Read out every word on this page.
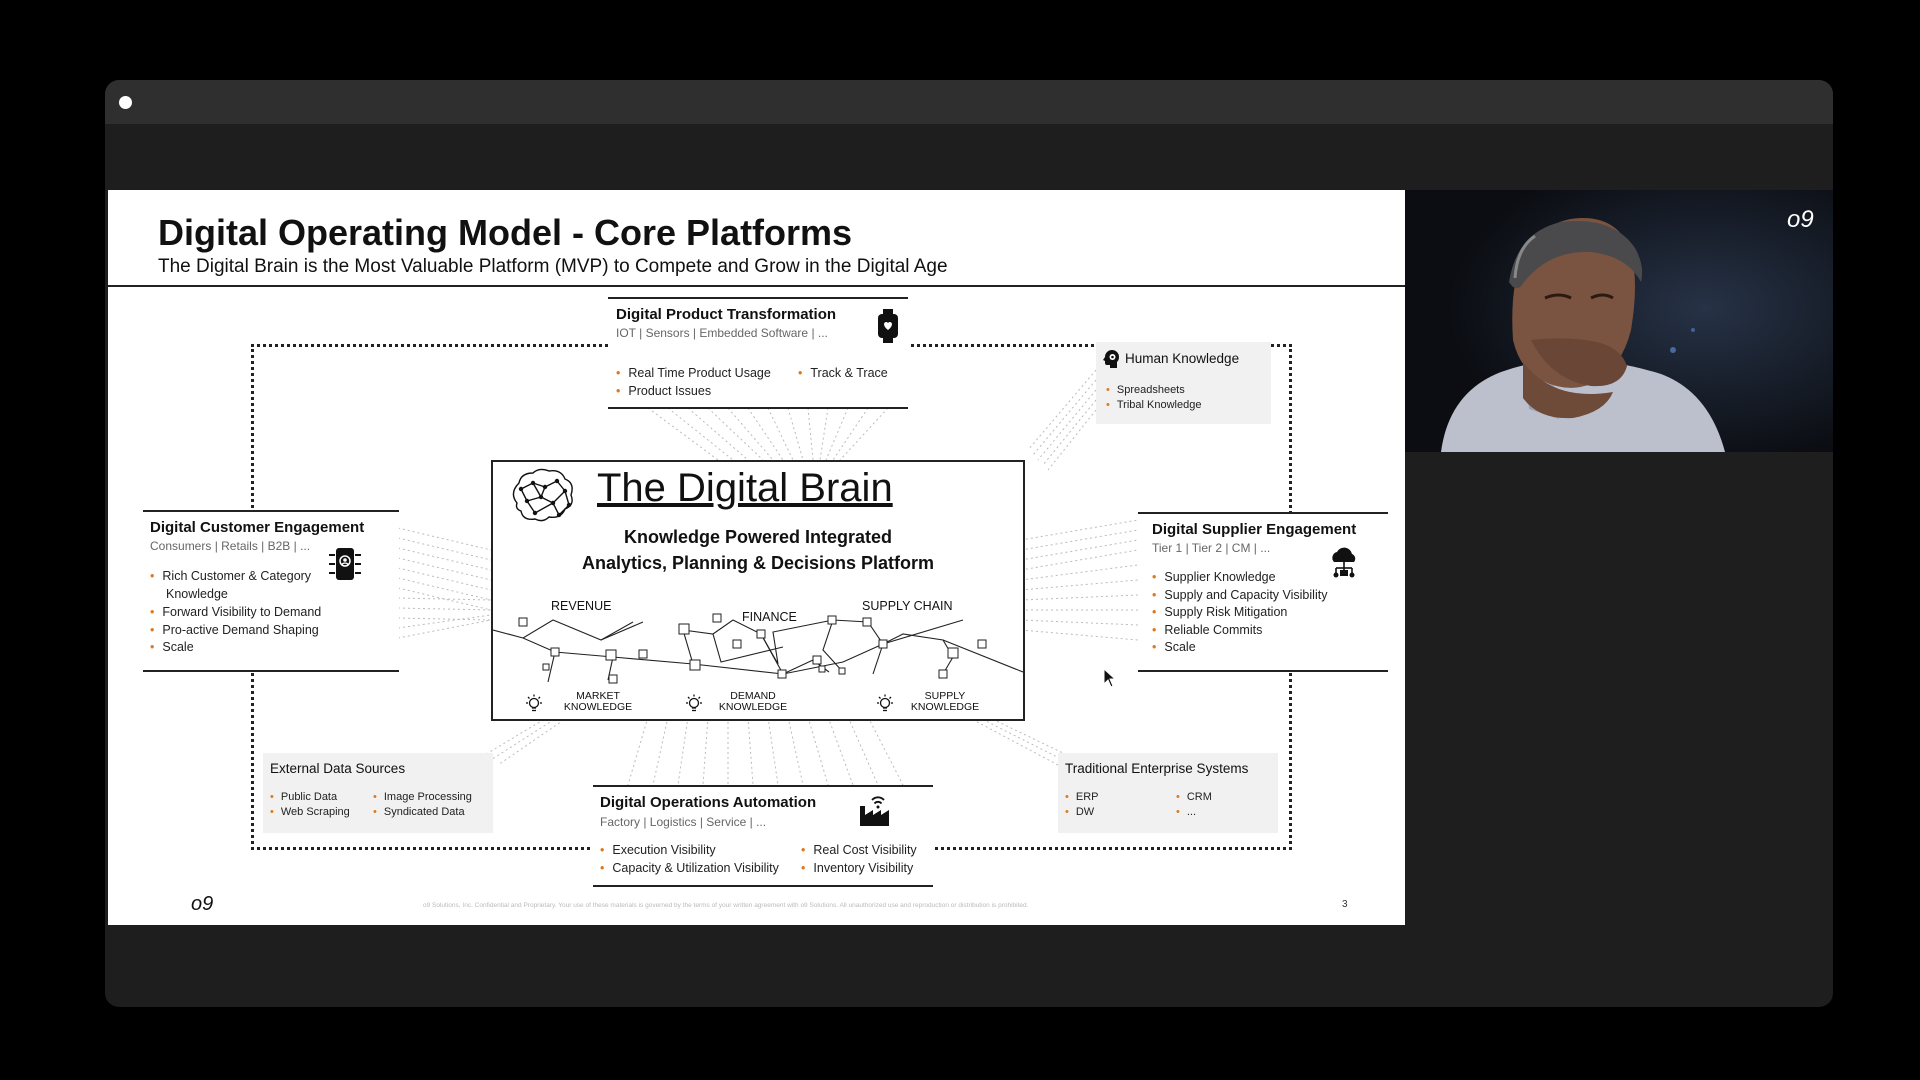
Digital Operating Model - Core Platforms
The Digital Brain is the Most Valuable Platform (MVP) to Compete and Grow in the Digital Age
Digital Product Transformation
IOT | Sensors | Embedded Software | ...
• Real Time Product Usage
•	Track & Trace
• Product Issues
Human Knowledge
• Spreadsheets
• Tribal Knowledge
Digital Customer Engagement
Consumers | Retails | B2B | ...
• Rich Customer & Category
Knowledge
• Forward Visibility to Demand
• Pro-active Demand Shaping
• Scale
Digital Supplier Engagement
Tier 1 | Tier 2 | CM | ...
• Supplier Knowledge
• Supply and Capacity Visibility
• Supply Risk Mitigation
• Reliable Commits
• Scale
The Digital Brain
Knowledge Powered Integrated
Analytics, Planning & Decisions Platform
REVENUE
FINANCE
SUPPLY CHAIN
MARKET
KNOWLEDGE
DEMAND
KNOWLEDGE
SUPPLY
KNOWLEDGE
External Data Sources
• Public Data
• Web Scraping
• Image Processing
• Syndicated Data
Digital Operations Automation
Factory | Logistics | Service | ...
• Execution Visibility
• Capacity & Utilization Visibility
• Real Cost Visibility
• Inventory Visibility
Traditional Enterprise Systems
• ERP
• DW
• CRM
• ...
o9	o9 Solutions, Inc. Confidential and Proprietary. Your use of these materials is governed by the terms of your written agreement with o9 Solutions. All unauthorized use and reproduction or distribution is prohibited.	3
o9
